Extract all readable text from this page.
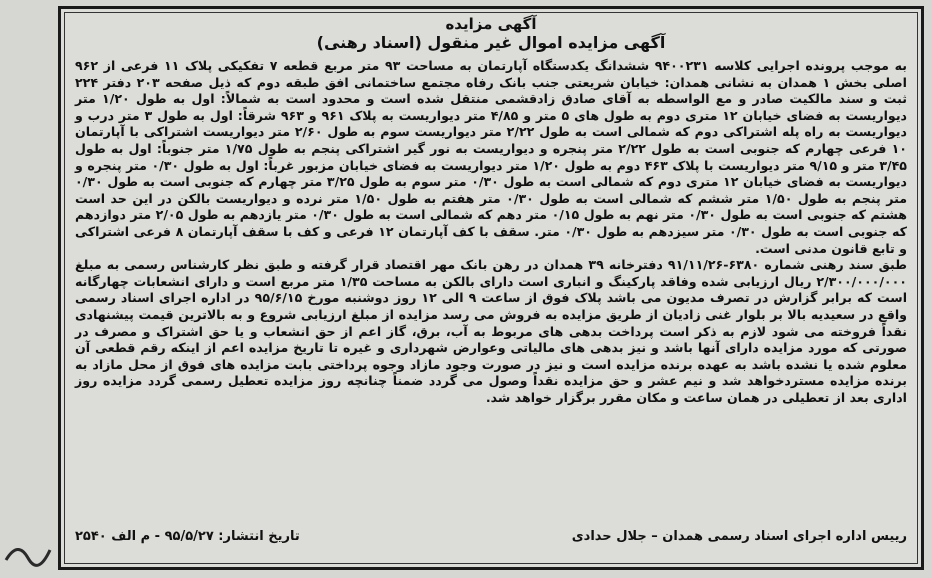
آگهی مزایده
آگهی مزایده اموال غیر منقول (اسناد رهنی)

به موجب پرونده اجرایی کلاسه ۹۴۰۰۲۳۱ ششدانگ یکدستگاه آپارتمان به مساحت ۹۳ متر مربع قطعه ۷ تفکیکی پلاک ۱۱ فرعی از ۹۶۲ اصلی بخش ۱ همدان به نشانی همدان: خیابان شریعتی جنب بانک رفاه مجتمع ساختمانی افق طبقه دوم که ذیل صفحه ۲۰۳ دفتر ۲۲۴ ثبت و سند مالکیت صادر و مع الواسطه به آقای صادق زادقشمی منتقل شده است و محدود است به شمالاً: اول به طول ۱/۲۰ متر دیواریست به فضای خیابان ۱۲ متری دوم به طول های ۵ متر و ۴/۸۵ متر دیواریست به پلاک ۹۶۱ و ۹۶۳ شرقاً: اول به طول ۳ متر درب و دیواریست به راه پله اشتراکی دوم که شمالی است به طول ۲/۲۲ متر دیواریست سوم به طول ۲/۶۰ متر دیواریست اشتراکی با آپارتمان ۱۰ فرعی چهارم که جنوبی است به طول ۲/۲۲ متر پنجره و دیواریست به نور گیر اشتراکی پنجم به طول ۱/۷۵ متر جنوباً: اول به طول ۳/۴۵ متر و ۹/۱۵ متر دیواریست با پلاک ۴۶۳ دوم به طول ۱/۲۰ متر دیواریست به فضای خیابان مزبور غرباً: اول به طول ۰/۳۰ متر پنجره و دیواریست به فضای خیابان ۱۲ متری دوم که شمالی است به طول ۰/۳۰ متر سوم به طول ۳/۲۵ متر چهارم که جنوبی است به طول ۰/۳۰ متر پنجم به طول ۱/۵۰ متر ششم که شمالی است به طول ۰/۳۰ متر هفتم به طول ۱/۵۰ متر نرده و دیواریست بالکن در این حد است هشتم که جنوبی است به طول ۰/۳۰ متر نهم به طول ۰/۱۵ متر دهم که شمالی است به طول ۰/۳۰ متر یازدهم به طول ۲/۰۵ متر دوازدهم که جنوبی است به طول ۰/۳۰ متر سیزدهم به طول ۰/۳۰ متر. سقف با کف آپارتمان ۱۲ فرعی و کف با سقف آپارتمان ۸ فرعی اشتراکی و تابع قانون مدنی است.

طبق سند رهنی شماره ۶۳۸۰-۹۱/۱۱/۲۶ دفترخانه ۳۹ همدان در رهن بانک مهر اقتصاد قرار گرفته و طبق نظر کارشناس رسمی به مبلغ ۲/۳۰۰/۰۰۰/۰۰۰ ریال ارزیابی شده وفاقد پارکینگ و انباری است دارای بالکن به مساحت ۱/۳۵ متر مربع است و دارای انشعابات چهارگانه است که برابر گزارش در تصرف مدیون می باشد پلاک فوق از ساعت ۹ الی ۱۲ روز دوشنبه مورخ ۹۵/۶/۱۵ در اداره اجرای اسناد رسمی واقع در سعیدیه بالا بر بلوار غنی زادیان از طریق مزایده به فروش می رسد مزایده از مبلغ ارزیابی شروع و به بالاترین قیمت پیشنهادی نقداً فروخته می شود لازم به ذکر است پرداخت بدهی های مربوط به آب، برق، گاز اعم از حق انشعاب و یا حق اشتراک و مصرف در صورتی که مورد مزایده دارای آنها باشد و نیز بدهی های مالیاتی وعوارض شهرداری و غیره تا تاریخ مزایده اعم از اینکه رقم قطعی آن معلوم شده یا نشده باشد به عهده برنده مزایده است و نیز در صورت وجود مازاد وجوه پرداختی بابت مزایده های فوق از محل مازاد به برنده مزایده مستردخواهد شد و نیم عشر و حق مزایده نقداً وصول می گردد ضمناً چنانچه روز مزایده تعطیل رسمی گردد مزایده روز اداری بعد از تعطیلی در همان ساعت و مکان مقرر برگزار خواهد شد.

رییس اداره اجرای اسناد رسمی همدان – جلال حدادی
تاریخ انتشار: ۹۵/۵/۲۷ - م الف ۲۵۴۰
